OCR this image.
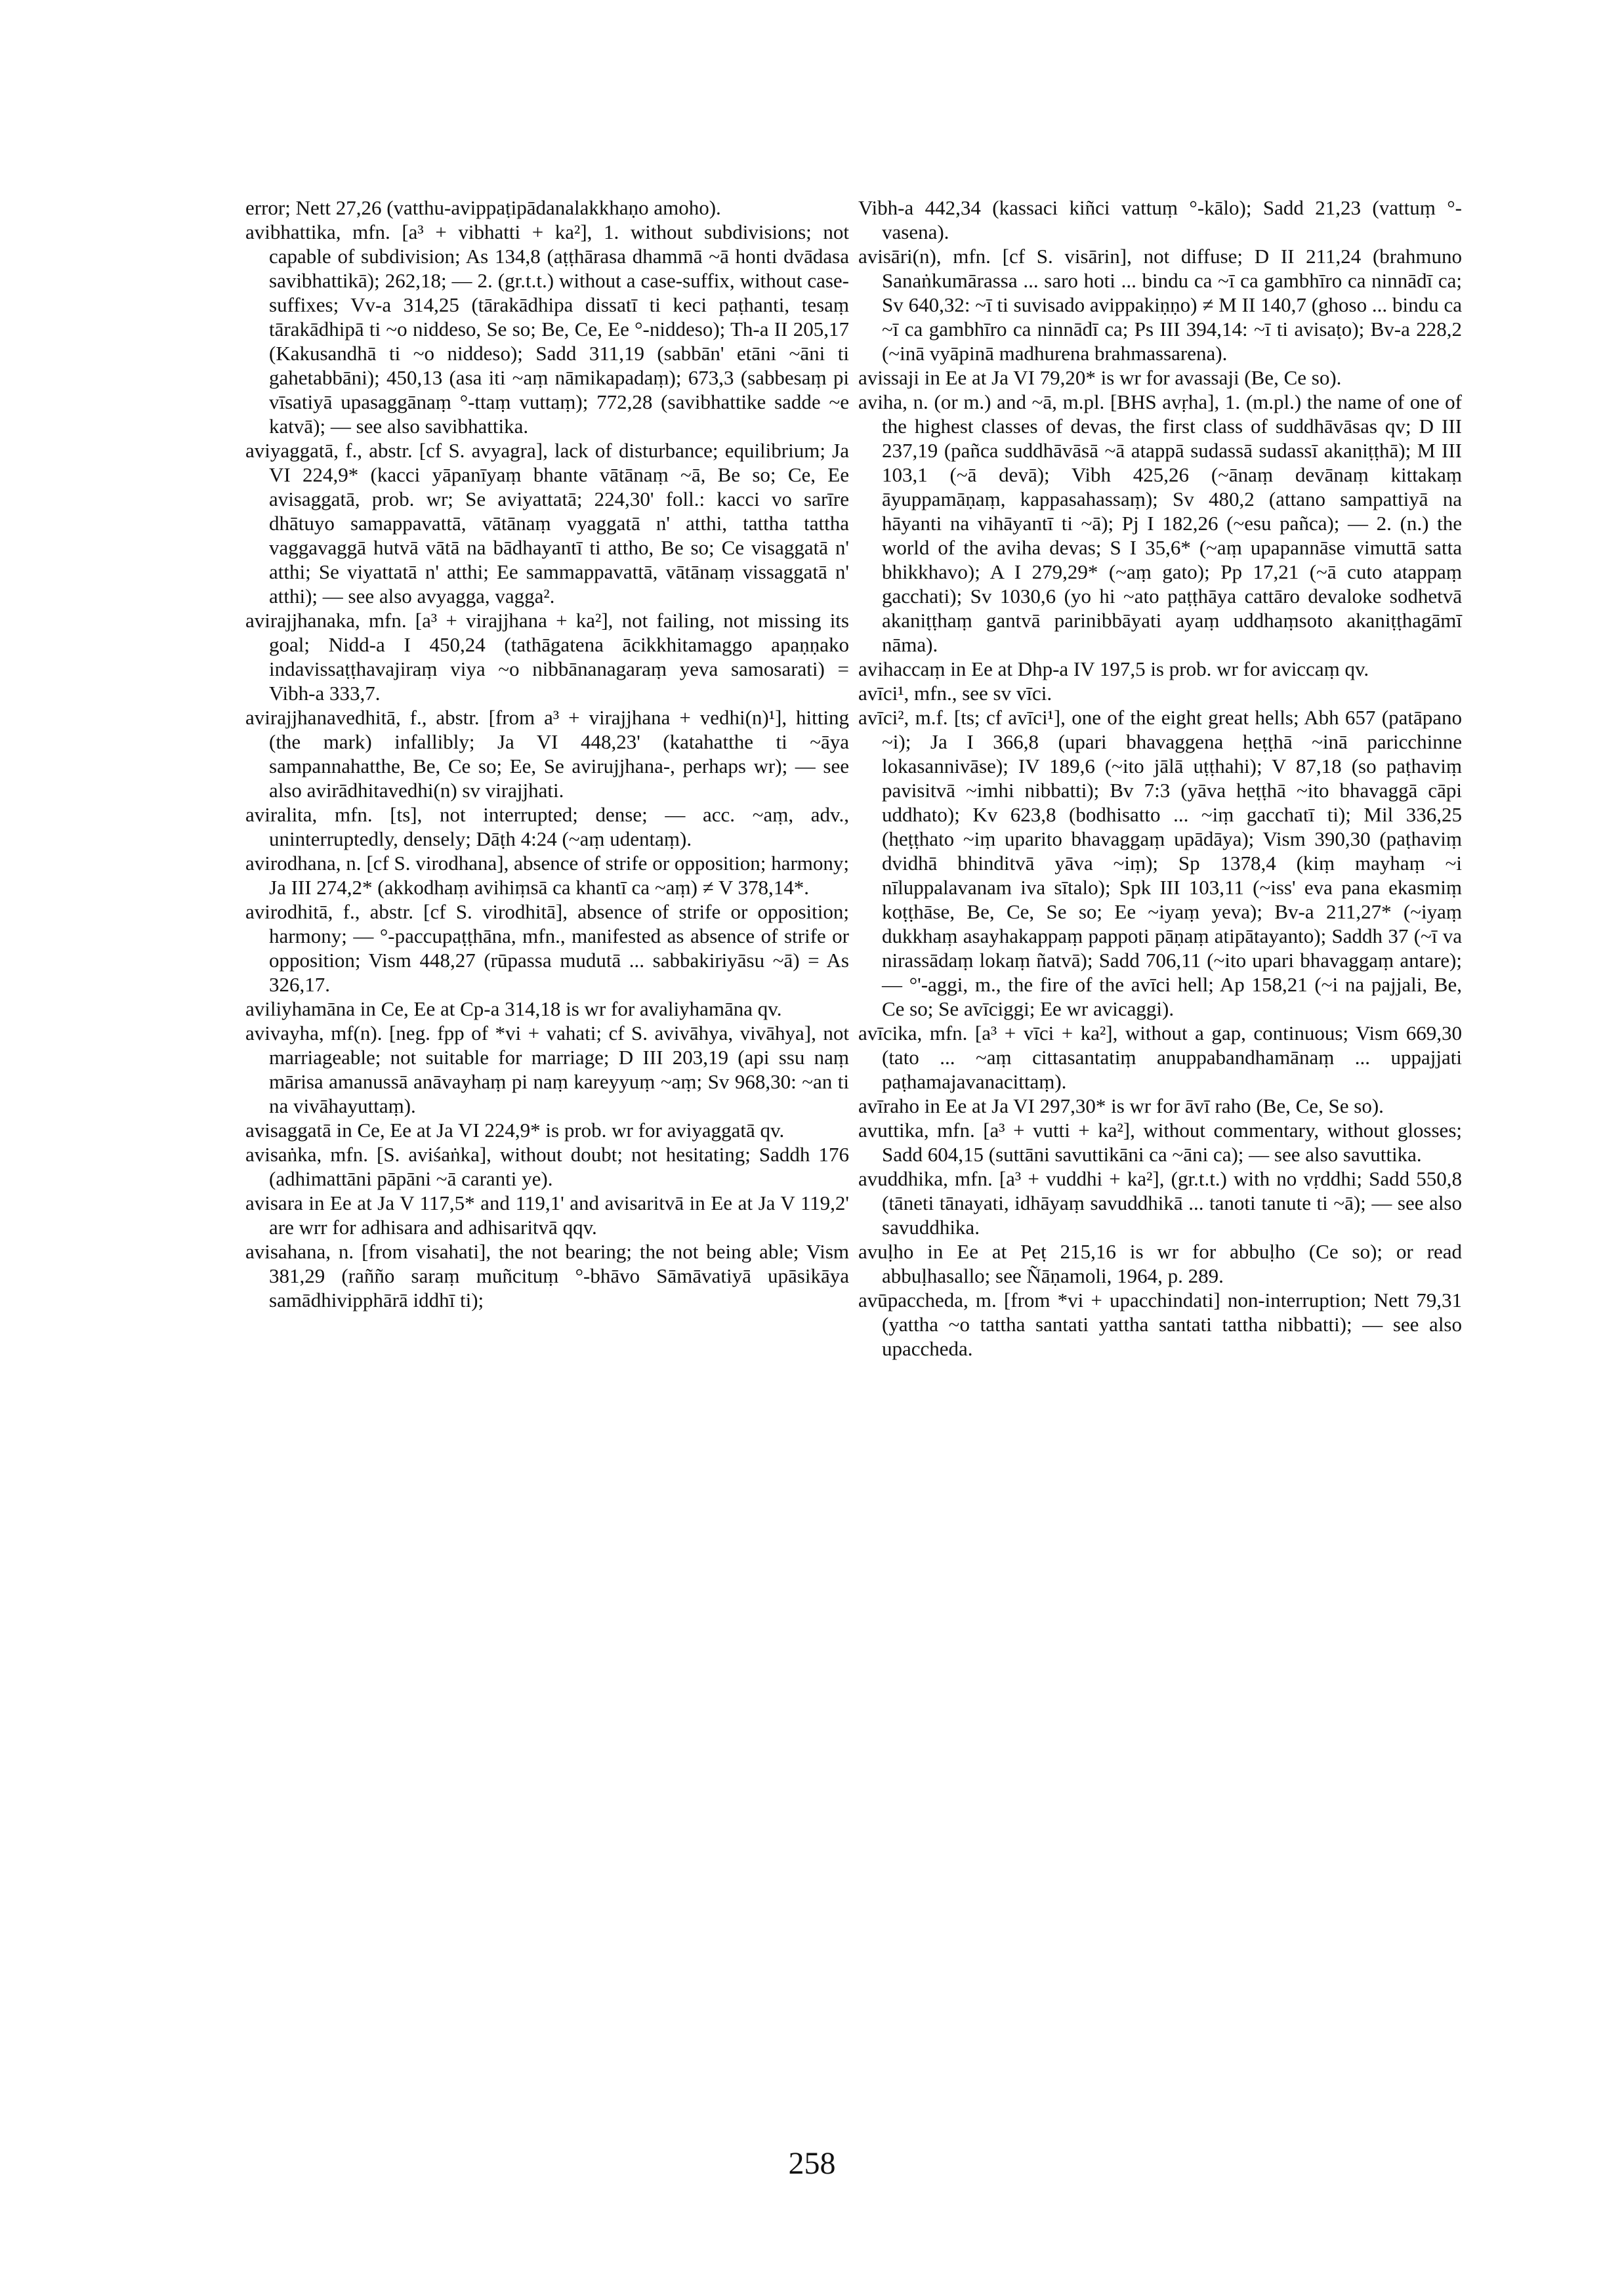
error; Nett 27,26 (vatthu-avippaṭipādanalakkhaṇo amoho).

avibhattika, mfn. [a³ + vibhatti + ka²], 1. without subdivisions; not capable of subdivision; As 134,8 (aṭṭhārasa dhammā ~ā honti dvādasa savibhattikā); 262,18; — 2. (gr.t.t.) without a case-suffix, without case-suffixes; Vv-a 314,25 (tārakādhipa dissatī ti keci paṭhanti, tesaṃ tārakādhipā ti ~o niddeso, Se so; Be, Ce, Ee °-niddeso); Th-a II 205,17 (Kakusandhā ti ~o niddeso); Sadd 311,19 (sabbān' etāni ~āni ti gahetabbāni); 450,13 (asa iti ~aṃ nāmikapadaṃ); 673,3 (sabbesaṃ pi vīsatiyā upasaggānaṃ °-ttaṃ vuttaṃ); 772,28 (savibhattike sadde ~e katvā); — see also savibhattika.

aviyaggatā, f., abstr. [cf S. avyagra], lack of disturbance; equilibrium; Ja VI 224,9* (kacci yāpanīyaṃ bhante vātānaṃ ~ā, Be so; Ce, Ee avisaggatā, prob. wr; Se aviyattatā; 224,30' foll.: kacci vo sarīre dhātuyo samappavattā, vātānaṃ vyaggatā n' atthi, tattha tattha vaggavaggā hutvā vātā na bādhayantī ti attho, Be so; Ce visaggatā n' atthi; Se viyattatā n' atthi; Ee sammappavattā, vātānaṃ vissaggatā n' atthi); — see also avyagga, vagga².

avirajjhanaka, mfn. [a³ + virajjhana + ka²], not failing, not missing its goal; Nidd-a I 450,24 (tathāgatena ācikkhitamaggo apaṇṇako indavissaṭṭhavajiraṃ viya ~o nibbānanagaraṃ yeva samosarati) = Vibh-a 333,7.

avirajjhanavedhitā, f., abstr. [from a³ + virajjhana + vedhi(n)¹], hitting (the mark) infallibly; Ja VI 448,23' (katahatthe ti ~āya sampannahatthe, Be, Ce so; Ee, Se avirujjhana-, perhaps wr); — see also avirādhitavedhi(n) sv virajjhati.

aviralita, mfn. [ts], not interrupted; dense; — acc. ~aṃ, adv., uninterruptedly, densely; Dāṭh 4:24 (~aṃ udentaṃ).

avirodhana, n. [cf S. virodhana], absence of strife or opposition; harmony; Ja III 274,2* (akkodhaṃ avihiṃsā ca khantī ca ~aṃ) ≠ V 378,14*.

avirodhitā, f., abstr. [cf S. virodhitā], absence of strife or opposition; harmony; — °-paccupaṭṭhāna, mfn., manifested as absence of strife or opposition; Vism 448,27 (rūpassa mudutā ... sabbakiriyāsu ~ā) = As 326,17.

aviliyhamāna in Ce, Ee at Cp-a 314,18 is wr for avaliyhamāna qv.

avivayha, mf(n). [neg. fpp of *vi + vahati; cf S. avivāhya, vivāhya], not marriageable; not suitable for marriage; D III 203,19 (api ssu naṃ mārisa amanussā anāvayhaṃ pi naṃ kareyyuṃ ~aṃ; Sv 968,30: ~an ti na vivāhayuttaṃ).

avisaggatā in Ce, Ee at Ja VI 224,9* is prob. wr for aviyaggatā qv.

avisaṅka, mfn. [S. aviśaṅka], without doubt; not hesitating; Saddh 176 (adhimattāni pāpāni ~ā caranti ye).

avisara in Ee at Ja V 117,5* and 119,1' and avisaritvā in Ee at Ja V 119,2' are wrr for adhisara and adhisaritvā qqv.

avisahana, n. [from visahati], the not bearing; the not being able; Vism 381,29 (rañño saraṃ muñcituṃ °-bhāvo Sāmāvatiyā upāsikāya samādhivipphārā iddhī ti);

Vibh-a 442,34 (kassaci kiñci vattuṃ °-kālo); Sadd 21,23 (vattuṃ °-vasena).

avisāri(n), mfn. [cf S. visārin], not diffuse; D II 211,24 (brahmuno Sanaṅkumārassa ... saro hoti ... bindu ca ~ī ca gambhīro ca ninnādī ca; Sv 640,32: ~ī ti suvisado avippakiṇṇo) ≠ M II 140,7 (ghoso ... bindu ca ~ī ca gambhīro ca ninnādī ca; Ps III 394,14: ~ī ti avisaṭo); Bv-a 228,2 (~inā vyāpinā madhurena brahmassarena).

avissaji in Ee at Ja VI 79,20* is wr for avassaji (Be, Ce so).

aviha, n. (or m.) and ~ā, m.pl. [BHS avṛha], 1. (m.pl.) the name of one of the highest classes of devas, the first class of suddhāvāsas qv; D III 237,19 (pañca suddhāvāsā ~ā atappā sudassā sudassī akaniṭṭhā); M III 103,1 (~ā devā); Vibh 425,26 (~ānaṃ devānaṃ kittakaṃ āyuppamāṇaṃ, kappasahassaṃ); Sv 480,2 (attano sampattiyā na hāyanti na vihāyantī ti ~ā); Pj I 182,26 (~esu pañca); — 2. (n.) the world of the aviha devas; S I 35,6* (~aṃ upapannāse vimuttā satta bhikkhavo); A I 279,29* (~aṃ gato); Pp 17,21 (~ā cuto atappaṃ gacchati); Sv 1030,6 (yo hi ~ato paṭṭhāya cattāro devaloke sodhetvā akaniṭṭhaṃ gantvā parinibbāyati ayaṃ uddhaṃsoto akaniṭṭhagāmī nāma).

avihaccaṃ in Ee at Dhp-a IV 197,5 is prob. wr for aviccaṃ qv.

avīci¹, mfn., see sv vīci.

avīci², m.f. [ts; cf avīci¹], one of the eight great hells; Abh 657 (patāpano ~i); Ja I 366,8 (upari bhavaggena heṭṭhā ~inā paricchinne lokasannivāse); IV 189,6 (~ito jālā uṭṭhahi); V 87,18 (so paṭhaviṃ pavisitvā ~imhi nibbatti); Bv 7:3 (yāva heṭṭhā ~ito bhavaggā cāpi uddhato); Kv 623,8 (bodhisatto ... ~iṃ gacchatī ti); Mil 336,25 (heṭṭhato ~iṃ uparito bhavaggaṃ upādāya); Vism 390,30 (paṭhaviṃ dvidhā bhinditvā yāva ~iṃ); Sp 1378,4 (kiṃ mayhaṃ ~i nīluppalavanam iva sītalo); Spk III 103,11 (~iss' eva pana ekasmiṃ koṭṭhāse, Be, Ce, Se so; Ee ~iyaṃ yeva); Bv-a 211,27* (~iyaṃ dukkhaṃ asayhakappaṃ pappoti pāṇaṃ atipātayanto); Saddh 37 (~ī va nirassādaṃ lokaṃ ñatvā); Sadd 706,11 (~ito upari bhavaggaṃ antare); — °'-aggi, m., the fire of the avīci hell; Ap 158,21 (~i na pajjali, Be, Ce so; Se avīciggi; Ee wr avicaggi).

avīcika, mfn. [a³ + vīci + ka²], without a gap, continuous; Vism 669,30 (tato ... ~aṃ cittasantatiṃ anuppabandhamānaṃ ... uppajjati paṭhamajavanacittaṃ).

avīraho in Ee at Ja VI 297,30* is wr for āvī raho (Be, Ce, Se so).

avuttika, mfn. [a³ + vutti + ka²], without commentary, without glosses; Sadd 604,15 (suttāni savuttikāni ca ~āni ca); — see also savuttika.

avuddhika, mfn. [a³ + vuddhi + ka²], (gr.t.t.) with no vṛddhi; Sadd 550,8 (tāneti tānayati, idhāyaṃ savuddhikā ... tanoti tanute ti ~ā); — see also savuddhika.

avuḷho in Ee at Peṭ 215,16 is wr for abbuḷho (Ce so); or read abbuḷhasallo; see Ñāṇamoli, 1964, p. 289.

avūpaccheda, m. [from *vi + upacchindati] non-interruption; Nett 79,31 (yattha ~o tattha santati yattha santati tattha nibbatti); — see also upaccheda.

258
